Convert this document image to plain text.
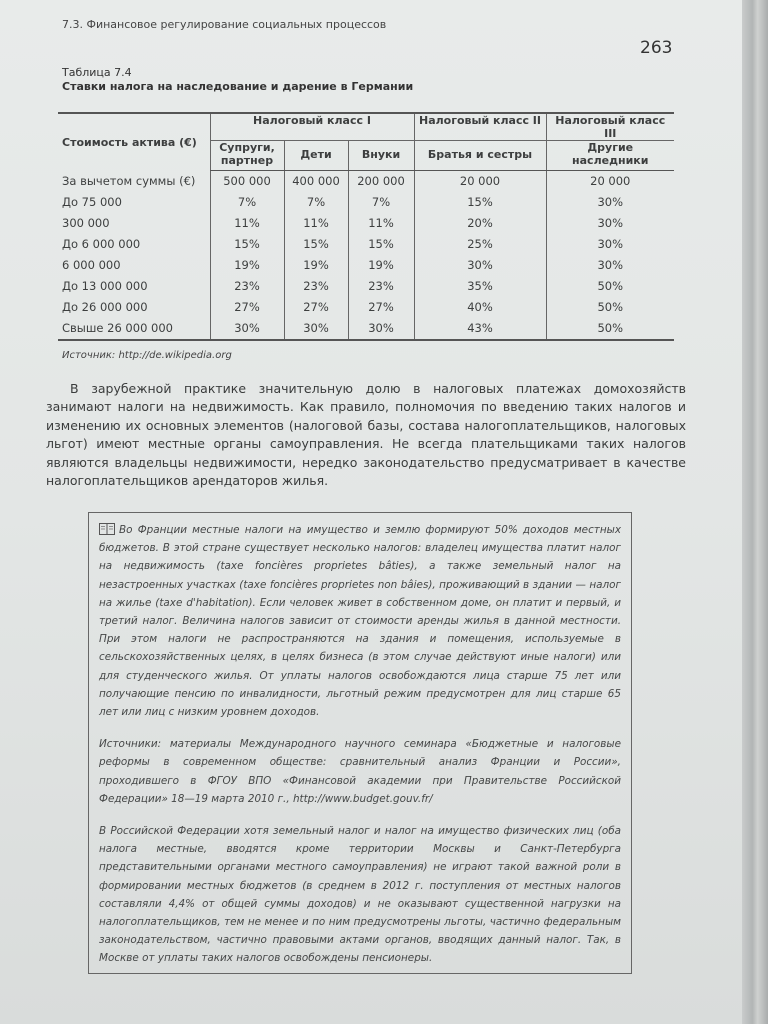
7.3. Финансовое регулирование социальных процессов
263
Таблица 7.4
Ставки налога на наследование и дарение в Германии
Стоимость актива (€)	Налоговый класс I			Налоговый класс II	Налоговый класс III
	Супруги, партнер	Дети	Внуки	Братья и сестры	Другие наследники
За вычетом суммы (€)	500 000	400 000	200 000	20 000	20 000
До 75 000	7%	7%	7%	15%	30%
300 000	11%	11%	11%	20%	30%
До 6 000 000	15%	15%	15%	25%	30%
6 000 000	19%	19%	19%	30%	30%
До 13 000 000	23%	23%	23%	35%	50%
До 26 000 000	27%	27%	27%	40%	50%
Свыше 26 000 000	30%	30%	30%	43%	50%
Источник: http://de.wikipedia.org
В зарубежной практике значительную долю в налоговых платежах домохозяйств занимают налоги на недвижимость. Как правило, полномочия по введению таких налогов и изменению их основных элементов (налоговой базы, состава налогоплательщиков, налоговых льгот) имеют местные органы самоуправления. Не всегда плательщиками таких налогов являются владельцы недвижимости, нередко законодательство предусматривает в качестве налогоплательщиков арендаторов жилья.

Во Франции местные налоги на имущество и землю формируют 50% доходов местных бюджетов. В этой стране существует несколько налогов: владелец имущества платит налог на недвижимость (taxe foncières proprietes bâties), а также земельный налог на незастроенных участках (taxe foncières proprietes non bâies), проживающий в здании — налог на жилье (taxe d'habitation). Если человек живет в собственном доме, он платит и первый, и третий налог. Величина налогов зависит от стоимости аренды жилья в данной местности. При этом налоги не распространяются на здания и помещения, используемые в сельскохозяйственных целях, в целях бизнеса (в этом случае действуют иные налоги) или для студенческого жилья. От уплаты налогов освобождаются лица старше 75 лет или получающие пенсию по инвалидности, льготный режим предусмотрен для лиц старше 65 лет или лиц с низким уровнем доходов.

Источники: материалы Международного научного семинара «Бюджетные и налоговые реформы в современном обществе: сравнительный анализ Франции и России», проходившего в ФГОУ ВПО «Финансовой академии при Правительстве Российской Федерации» 18—19 марта 2010 г., http://www.budget.gouv.fr/

В Российской Федерации хотя земельный налог и налог на имущество физических лиц (оба налога местные, вводятся кроме территории Москвы и Санкт-Петербурга представительными органами местного самоуправления) не играют такой важной роли в формировании местных бюджетов (в среднем в 2012 г. поступления от местных налогов составляли 4,4% от общей суммы доходов) и не оказывают существенной нагрузки на налогоплательщиков, тем не менее и по ним предусмотрены льготы, частично федеральным законодательством, частично правовыми актами органов, вводящих данный налог. Так, в Москве от уплаты таких налогов освобождены пенсионеры.
